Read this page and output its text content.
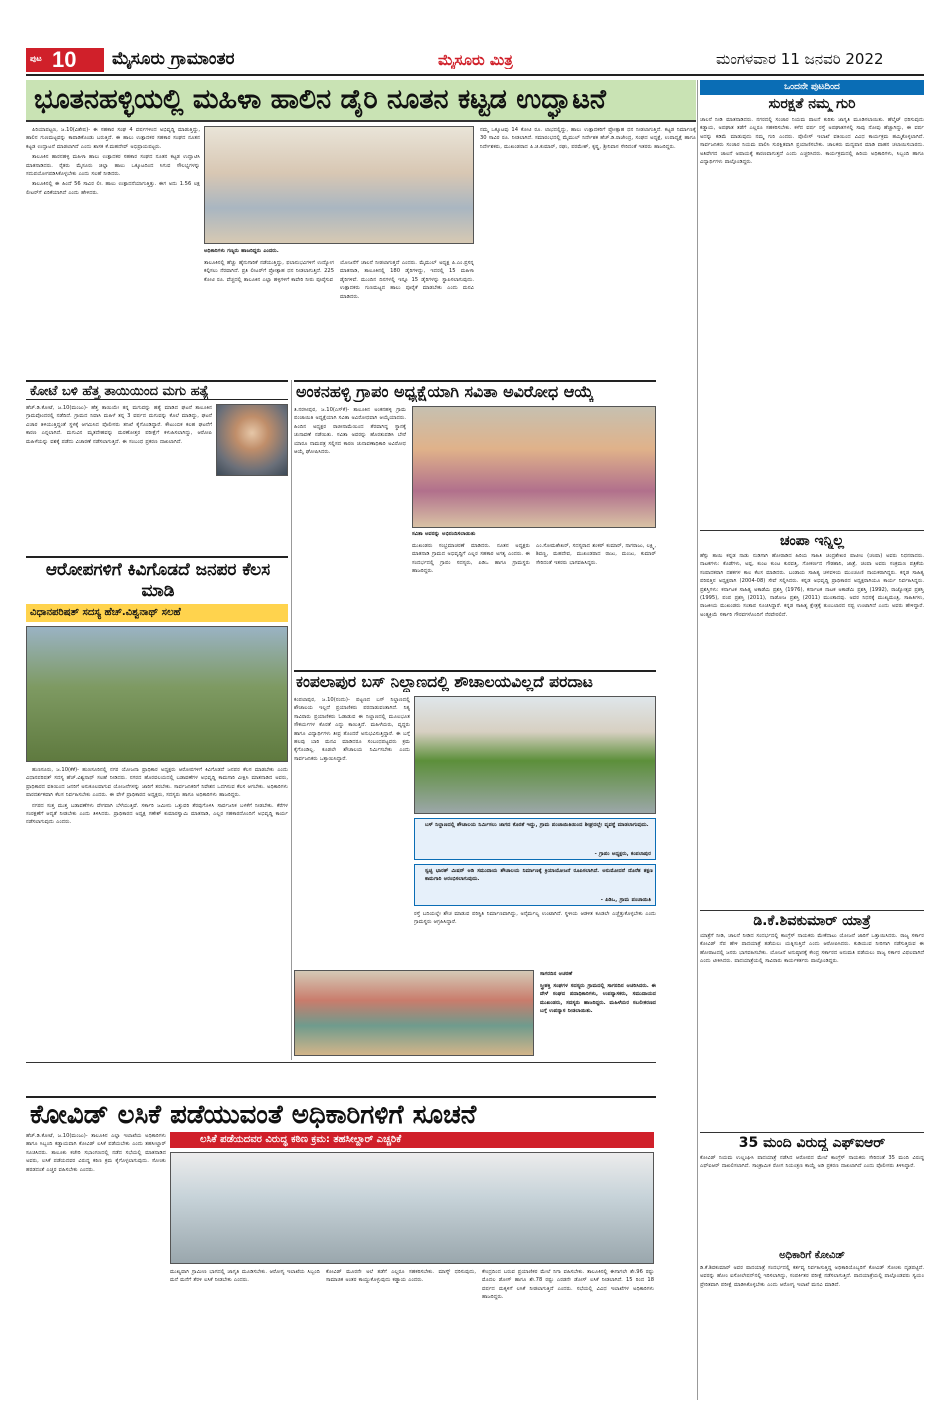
ಪುಟ 10 ಮೈಸೂರು ಗ್ರಾಮಾಂತರ	ಮೈಸೂರು ಮಿತ್ರ	ಮಂಗಳವಾರ 11 ಜನವರಿ 2022
ಭೂತನಹಳ್ಳಿಯಲ್ಲಿ ಮಹಿಳಾ ಹಾಲಿನ ಡೈರಿ ನೂತನ ಕಟ್ಟಡ ಉದ್ಘಾಟನೆ

ಪಿರಿಯಾಪಟ್ಟಣ, ಜ.10(ವಿಶೇಷ)- ಈ ಸಹಕಾರ ಸಂಘ 4 ವರ್ಷಗಳಿಂದ ಅಭಿವೃದ್ಧಿ ಮಾಡುತ್ತಿದ್ದು, ಹಾಲಿನ ಗುಣಮಟ್ಟವನ್ನು ಕಾಪಾಡಿಕೊಂಡು ಬರುತ್ತಿದೆ. ಈ ಹಾಲು ಉತ್ಪಾದಕರ ಸಹಕಾರ ಸಂಘದ ನೂತನ ಕಟ್ಟಡ ಉದ್ಘಾಟನೆ ಮಾಡಲಾಗಿದೆ ಎಂದು ಶಾಸಕ ಕೆ.ಮಹದೇವ್ ಅಭಿಪ್ರಾಯಪಟ್ಟರು.

ತಾಲೂಕಿನ ಹಾರನಹಳ್ಳಿ ಮಹಿಳಾ ಹಾಲು ಉತ್ಪಾದಕರ ಸಹಕಾರ ಸಂಘದ ನೂತನ ಕಟ್ಟಡ ಉದ್ಘಾಟಿಸಿ ಮಾತನಾಡಿದರು. ರೈತರು ಮೈಸೂರು ಜಿಲ್ಲಾ ಹಾಲು ಒಕ್ಕೂಟದಿಂದ ಸಿಗುವ ಸೌಲಭ್ಯಗಳನ್ನು ಸದುಪಯೋಗಪಡಿಸಿಕೊಳ್ಳಬೇಕು ಎಂದು ಸಲಹೆ ನೀಡಿದರು.

ತಾಲೂಕಿನಲ್ಲಿ ಈ ಹಿಂದೆ 56 ಸಾವಿರ ಲೀ. ಹಾಲು ಉತ್ಪಾದನೆಯಾಗುತ್ತಿತ್ತು. ಈಗ ಅದು 1.56 ಲಕ್ಷ ಲೀಟರ್‌ಗೆ ಏರಿಕೆಯಾಗಿದೆ ಎಂದು ಹೇಳಿದರು.

ಅಧಿಕಾರಿಗಳು ಗಣ್ಯರು ಹಾಜರಿದ್ದರು ಎಂದರು.
ತಾಲೂಕಿನಲ್ಲಿ ಹೆಚ್ಚು ಹೈನುಗಾರಿಕೆ ನಡೆಯುತ್ತಿದ್ದು, ಫಲಾನುಭವಿಗಳಿಗೆ ಉದ್ಯೋಗ ಕಲ್ಪಿಸಲು ನೆರವಾಗಿದೆ. ಪ್ರತಿ ಲೀಟರ್‌ಗೆ ಪ್ರೋತ್ಸಾಹ ಧನ ನೀಡಲಾಗುತ್ತಿದೆ. 225 ಕೋಟಿ ರೂ. ವೆಚ್ಚದಲ್ಲಿ ತಾಲೂಕಿನ ಎಲ್ಲಾ ಹಳ್ಳಿಗಳಿಗೆ ಕಾವೇರಿ ನೀರು ಪೂರೈಸುವ
ಯೋಜನೆಗೆ ಚಾಲನೆ ನೀಡಲಾಗುತ್ತದೆ ಎಂದರು. ಮೈಮುಲ್ ಅಧ್ಯಕ್ಷ ಪಿ.ಎಂ.ಪ್ರಸನ್ನ ಮಾತನಾಡಿ, ತಾಲೂಕಿನಲ್ಲಿ 180 ಡೈರಿಗಳಿದ್ದು, ಇದರಲ್ಲಿ 15 ಮಹಿಳಾ ಡೈರಿಗಳಿವೆ. ಮುಂದಿನ ದಿನಗಳಲ್ಲಿ ಇನ್ನೂ 15 ಡೈರಿಗಳನ್ನು ಸ್ಥಾಪಿಸಲಾಗುವುದು. ಉತ್ಪಾದಕರು ಗುಣಮಟ್ಟದ ಹಾಲು ಪೂರೈಕೆ ಮಾಡಬೇಕು ಎಂದು ಮನವಿ ಮಾಡಿದರು.
ನಮ್ಮ ಒಕ್ಕೂಟವು 14 ಕೋಟಿ ರೂ. ಲಾಭದಲ್ಲಿದ್ದು, ಹಾಲು ಉತ್ಪಾದಕರಿಗೆ ಪ್ರೋತ್ಸಾಹ ಧನ ನೀಡಲಾಗುತ್ತಿದೆ. ಕಟ್ಟಡ ನಿರ್ಮಾಣಕ್ಕೆ 30 ಸಾವಿರ ರೂ. ನೀಡಲಾಗಿದೆ. ಸಮಾರಂಭದಲ್ಲಿ ಮೈಮುಲ್ ನಿರ್ದೇಶಕ ಹೆಚ್.ಡಿ.ರಾಜೇಂದ್ರ, ಸಂಘದ ಅಧ್ಯಕ್ಷೆ, ಉಪಾಧ್ಯಕ್ಷೆ ಹಾಗೂ ನಿರ್ದೇಶಕರು, ಮುಖಂಡರಾದ ಪಿ.ಜಿ.ಕುಮಾರ್, ರಘು, ಪರಮೇಶ್, ಕೃಷ್ಣ, ಶ್ರೀನಿವಾಸ ಸೇರಿದಂತೆ ಇತರರು ಹಾಜರಿದ್ದರು.
ಕೋಟೆ ಬಳಿ ಹೆತ್ತ ತಾಯಿಯಿಂದ ಮಗು ಹತ್ಯೆ
ಹೆಚ್.ಡಿ.ಕೋಟೆ, ಜ.10(ಮಂಜು)- ಹೆತ್ತ ತಾಯಿಯೇ ತನ್ನ ಮಗುವನ್ನು ಹತ್ಯೆ ಮಾಡಿದ ಘಟನೆ ತಾಲೂಕಿನ ಗ್ರಾಮವೊಂದರಲ್ಲಿ ನಡೆದಿದೆ. ಗ್ರಾಮದ ನಿವಾಸಿ ಮಹಿಳೆ ತನ್ನ 3 ವರ್ಷದ ಮಗುವನ್ನು ಕೊಲೆ ಮಾಡಿದ್ದು, ಘಟನೆ ವಿಚಾರ ತಿಳಿಯುತ್ತಿದ್ದಂತೆ ಸ್ಥಳಕ್ಕೆ ಆಗಮಿಸಿದ ಪೊಲೀಸರು ತನಿಖೆ ಕೈಗೊಂಡಿದ್ದಾರೆ. ಕೌಟುಂಬಿಕ ಕಲಹ ಘಟನೆಗೆ ಕಾರಣ ಎನ್ನಲಾಗಿದೆ. ಮಗುವಿನ ಮೃತದೇಹವನ್ನು ಮರಣೋತ್ತರ ಪರೀಕ್ಷೆಗೆ ಕಳುಹಿಸಲಾಗಿದ್ದು, ಆರೋಪಿ ಮಹಿಳೆಯನ್ನು ವಶಕ್ಕೆ ಪಡೆದು ವಿಚಾರಣೆ ನಡೆಸಲಾಗುತ್ತಿದೆ. ಈ ಸಂಬಂಧ ಪ್ರಕರಣ ದಾಖಲಾಗಿದೆ.
ಅಂಕನಹಳ್ಳಿ ಗ್ರಾಪಂ ಅಧ್ಯಕ್ಷೆಯಾಗಿ ಸವಿತಾ ಅವಿರೋಧ ಆಯ್ಕೆ
ತಿ.ನರಸೀಪುರ, ಜ.10(ಎಸ್‌ಕೆ)- ತಾಲೂಕಿನ ಅಂಕನಹಳ್ಳಿ ಗ್ರಾಮ ಪಂಚಾಯಿತಿ ಅಧ್ಯಕ್ಷೆಯಾಗಿ ಸವಿತಾ ಅವಿರೋಧವಾಗಿ ಆಯ್ಕೆಯಾದರು. ಹಿಂದಿನ ಅಧ್ಯಕ್ಷರ ರಾಜೀನಾಮೆಯಿಂದ ತೆರವಾಗಿದ್ದ ಸ್ಥಾನಕ್ಕೆ ಚುನಾವಣೆ ನಡೆಯಿತು. ಸವಿತಾ ಅವರನ್ನು ಹೊರತುಪಡಿಸಿ ಬೇರೆ ಯಾರೂ ನಾಮಪತ್ರ ಸಲ್ಲಿಸದ ಕಾರಣ ಚುನಾವಣಾಧಿಕಾರಿ ಅವಿರೋಧ ಆಯ್ಕೆ ಘೋಷಿಸಿದರು.
ಸವಿತಾ ಅವರನ್ನು ಅಭಿನಂದಿಸಲಾಯಿತು
ಮುಖಂಡರು ಸಂಭ್ರಮಾಚರಣೆ ಮಾಡಿದರು. ನೂತನ ಅಧ್ಯಕ್ಷರು ಮಾತನಾಡಿ ಗ್ರಾಮದ ಅಭಿವೃದ್ಧಿಗೆ ಎಲ್ಲರ ಸಹಕಾರ ಅಗತ್ಯ ಎಂದರು. ಈ ಸಂದರ್ಭದಲ್ಲಿ ಗ್ರಾಪಂ ಸದಸ್ಯರು, ಪಿಡಿಒ ಹಾಗೂ ಗ್ರಾಮಸ್ಥರು ಹಾಜರಿದ್ದರು.
ಎಂ.ಸೋಮಶೇಖರ್, ಸದಸ್ಯರಾದ ಶಂಕರ್ ಕುಮಾರ್, ನಾಗರಾಜು, ಲಕ್ಷ್ಮಿ, ಶಿವಣ್ಣ, ಮಹದೇವ, ಮುಖಂಡರಾದ ರಾಜು, ಮಂಜು, ಕುಮಾರ್ ಸೇರಿದಂತೆ ಇತರರು ಭಾಗವಹಿಸಿದ್ದರು.
ಆರೋಪಗಳಿಗೆ ಕಿವಿಗೊಡದೆ ಜನಪರ ಕೆಲಸ ಮಾಡಿ
ವಿಧಾನಪರಿಷತ್ ಸದಸ್ಯ ಹೆಚ್.ವಿಶ್ವನಾಥ್ ಸಲಹೆ

ಹುಣಸೂರು, ಜ.10(ಕೆಕೆ)- ಹುಣಸೂರಿನಲ್ಲಿ ನಗರ ಯೋಜನಾ ಪ್ರಾಧಿಕಾರ ಅಧ್ಯಕ್ಷರು ಆರೋಪಗಳಿಗೆ ಕಿವಿಗೊಡದೆ ಜನಪರ ಕೆಲಸ ಮಾಡಬೇಕು ಎಂದು ವಿಧಾನಪರಿಷತ್ ಸದಸ್ಯ ಹೆಚ್.ವಿಶ್ವನಾಥ್ ಸಲಹೆ ನೀಡಿದರು. ನಗರದ ಹೊರವಲಯದಲ್ಲಿ ಬಡಾವಣೆಗಳ ಅಭಿವೃದ್ಧಿ ಕಾಮಗಾರಿ ವೀಕ್ಷಿಸಿ ಮಾತನಾಡಿದ ಅವರು, ಪ್ರಾಧಿಕಾರದ ವತಿಯಿಂದ ಜನರಿಗೆ ಅನುಕೂಲವಾಗುವ ಯೋಜನೆಗಳನ್ನು ಜಾರಿಗೆ ತರಬೇಕು. ಸಾರ್ವಜನಿಕರಿಗೆ ನಿವೇಶನ ಒದಗಿಸುವ ಕೆಲಸ ಆಗಬೇಕು. ಅಧಿಕಾರಿಗಳು ಪಾರದರ್ಶಕವಾಗಿ ಕೆಲಸ ನಿರ್ವಹಿಸಬೇಕು ಎಂದರು. ಈ ವೇಳೆ ಪ್ರಾಧಿಕಾರದ ಅಧ್ಯಕ್ಷರು, ಸದಸ್ಯರು ಹಾಗೂ ಅಧಿಕಾರಿಗಳು ಹಾಜರಿದ್ದರು.

ನಗರದ ಸುತ್ತ ಮುತ್ತ ಬಡಾವಣೆಗಳು ವೇಗವಾಗಿ ಬೆಳೆಯುತ್ತಿವೆ. ಸರ್ಕಾರಿ ಜಮೀನು ಒತ್ತುವರಿ ತೆರವುಗೊಳಿಸಿ ಸಾರ್ವಜನಿಕ ಬಳಕೆಗೆ ನೀಡಬೇಕು. ಕೆರೆಗಳ ಸಂರಕ್ಷಣೆಗೆ ಆದ್ಯತೆ ನೀಡಬೇಕು ಎಂದು ತಿಳಿಸಿದರು. ಪ್ರಾಧಿಕಾರದ ಅಧ್ಯಕ್ಷ ಗಣೇಶ್ ಕುಮಾರಸ್ವಾಮಿ ಮಾತನಾಡಿ, ಎಲ್ಲರ ಸಹಕಾರದೊಂದಿಗೆ ಅಭಿವೃದ್ಧಿ ಕಾರ್ಯ ನಡೆಸಲಾಗುವುದು ಎಂದರು.

ಕಂಪಲಾಪುರ ಬಸ್ ನಿಲ್ದಾಣದಲ್ಲಿ ಶೌಚಾಲಯವಿಲ್ಲದೆ ಪರದಾಟ
ಕಂಪಲಾಪುರ, ಜ.10(ನಂದು)- ಪಟ್ಟಣದ ಬಸ್ ನಿಲ್ದಾಣದಲ್ಲಿ ಶೌಚಾಲಯ ಇಲ್ಲದೆ ಪ್ರಯಾಣಿಕರು ಪರದಾಡುವಂತಾಗಿದೆ. ನಿತ್ಯ ಸಾವಿರಾರು ಪ್ರಯಾಣಿಕರು ಓಡಾಡುವ ಈ ನಿಲ್ದಾಣದಲ್ಲಿ ಮೂಲಭೂತ ಸೌಕರ್ಯಗಳ ಕೊರತೆ ಎದ್ದು ಕಾಣುತ್ತಿದೆ. ಮಹಿಳೆಯರು, ವೃದ್ಧರು ಹಾಗೂ ವಿದ್ಯಾರ್ಥಿಗಳು ತೀವ್ರ ತೊಂದರೆ ಅನುಭವಿಸುತ್ತಿದ್ದಾರೆ. ಈ ಬಗ್ಗೆ ಹಲವು ಬಾರಿ ಮನವಿ ಮಾಡಿದರೂ ಸಂಬಂಧಪಟ್ಟವರು ಕ್ರಮ ಕೈಗೊಂಡಿಲ್ಲ. ಕೂಡಲೇ ಶೌಚಾಲಯ ನಿರ್ಮಿಸಬೇಕು ಎಂದು ಸಾರ್ವಜನಿಕರು ಒತ್ತಾಯಿಸಿದ್ದಾರೆ.
ಬಸ್ ನಿಲ್ದಾಣದಲ್ಲಿ ಶೌಚಾಲಯ ನಿರ್ಮಿಸಲು ಜಾಗದ ಕೊರತೆ ಇದ್ದು, ಗ್ರಾಮ ಪಂಚಾಯಿತಿಯಿಂದ ಶೀಘ್ರದಲ್ಲೇ ವ್ಯವಸ್ಥೆ ಮಾಡಲಾಗುವುದು.
- ಗ್ರಾಪಂ ಅಧ್ಯಕ್ಷರು, ಕಂಪಲಾಪುರ
ಸ್ವಚ್ಛ ಭಾರತ್ ಮಿಷನ್ ಅಡಿ ಸಮುದಾಯ ಶೌಚಾಲಯ ನಿರ್ಮಾಣಕ್ಕೆ ಕ್ರಿಯಾಯೋಜನೆ ರೂಪಿಸಲಾಗಿದೆ. ಅನುಮೋದನೆ ದೊರೆತ ತಕ್ಷಣ ಕಾಮಗಾರಿ ಆರಂಭಿಸಲಾಗುವುದು.
- ಪಿಡಿಒ, ಗ್ರಾಮ ಪಂಚಾಯಿತಿ
ರಸ್ತೆ ಬದಿಯಲ್ಲೇ ಶೌಚ ಮಾಡುವ ಪರಿಸ್ಥಿತಿ ನಿರ್ಮಾಣವಾಗಿದ್ದು, ಅನೈರ್ಮಲ್ಯ ಉಂಟಾಗಿದೆ. ಸ್ಥಳೀಯ ಆಡಳಿತ ಕೂಡಲೇ ಎಚ್ಚೆತ್ತುಕೊಳ್ಳಬೇಕು ಎಂದು ಗ್ರಾಮಸ್ಥರು ಆಗ್ರಹಿಸಿದ್ದಾರೆ.
ಸಾಗರದಿನ ಆಚರಣೆ
ಸ್ತ್ರೀಶಕ್ತಿ ಸಂಘಗಳ ಸದಸ್ಯರು ಗ್ರಾಮದಲ್ಲಿ ಸಾಗರದಿನ ಆಚರಿಸಿದರು. ಈ ವೇಳೆ ಸಂಘದ ಪದಾಧಿಕಾರಿಗಳು, ಉಪನ್ಯಾಸಕರು, ಸಮುದಾಯದ ಮುಖಂಡರು, ಸದಸ್ಯರು ಹಾಜರಿದ್ದರು. ಮಹಿಳೆಯರ ಸಬಲೀಕರಣದ ಬಗ್ಗೆ ಉಪನ್ಯಾಸ ನೀಡಲಾಯಿತು.
ಕೋವಿಡ್ ಲಸಿಕೆ ಪಡೆಯುವಂತೆ ಅಧಿಕಾರಿಗಳಿಗೆ ಸೂಚನೆ
ಲಸಿಕೆ ಪಡೆಯದವರ ವಿರುದ್ಧ ಕಠಿಣ ಕ್ರಮ: ತಹಸೀಲ್ದಾರ್ ಎಚ್ಚರಿಕೆ
ಹೆಚ್.ಡಿ.ಕೋಟೆ, ಜ.10(ಮಂಜು)- ತಾಲೂಕಿನ ಎಲ್ಲಾ ಇಲಾಖೆಯ ಅಧಿಕಾರಿಗಳು ಹಾಗೂ ಸಿಬ್ಬಂದಿ ಕಡ್ಡಾಯವಾಗಿ ಕೋವಿಡ್ ಲಸಿಕೆ ಪಡೆಯಬೇಕು ಎಂದು ತಹಸೀಲ್ದಾರ್ ಸೂಚಿಸಿದರು. ತಾಲೂಕು ಕಚೇರಿ ಸಭಾಂಗಣದಲ್ಲಿ ನಡೆದ ಸಭೆಯಲ್ಲಿ ಮಾತನಾಡಿದ ಅವರು, ಲಸಿಕೆ ಪಡೆಯದವರ ವಿರುದ್ಧ ಕಠಿಣ ಕ್ರಮ ಕೈಗೊಳ್ಳಲಾಗುವುದು. ಸೋಂಕು ಹರಡದಂತೆ ಎಚ್ಚರ ವಹಿಸಬೇಕು ಎಂದರು.
ಮುಖ್ಯವಾಗಿ ಗ್ರಾಮೀಣ ಭಾಗದಲ್ಲಿ ಜಾಗೃತಿ ಮೂಡಿಸಬೇಕು. ಆರೋಗ್ಯ ಇಲಾಖೆಯ ಸಿಬ್ಬಂದಿ ಮನೆ ಮನೆಗೆ ತೆರಳಿ ಲಸಿಕೆ ನೀಡಬೇಕು ಎಂದರು.
ಕೋವಿಡ್ ಮೂರನೇ ಅಲೆ ತಡೆಗೆ ಎಲ್ಲರೂ ಸಹಕರಿಸಬೇಕು. ಮಾಸ್ಕ್ ಧರಿಸುವುದು, ಸಾಮಾಜಿಕ ಅಂತರ ಕಾಯ್ದುಕೊಳ್ಳುವುದು ಕಡ್ಡಾಯ ಎಂದರು.
ಕೇಂದ್ರದಿಂದ ಬರುವ ಪ್ರಯಾಣಿಕರ ಮೇಲೆ ನಿಗಾ ವಹಿಸಬೇಕು. ತಾಲೂಕಿನಲ್ಲಿ ಈಗಾಗಲೇ ಶೇ.96 ರಷ್ಟು ಮೊದಲ ಡೋಸ್ ಹಾಗೂ ಶೇ.78 ರಷ್ಟು ಎರಡನೇ ಡೋಸ್ ಲಸಿಕೆ ನೀಡಲಾಗಿದೆ. 15 ರಿಂದ 18 ವರ್ಷದ ಮಕ್ಕಳಿಗೆ ಲಸಿಕೆ ನೀಡಲಾಗುತ್ತಿದೆ ಎಂದರು. ಸಭೆಯಲ್ಲಿ ವಿವಿಧ ಇಲಾಖೆಗಳ ಅಧಿಕಾರಿಗಳು ಹಾಜರಿದ್ದರು.
ಒಂದನೇ ಪುಟದಿಂದ
ಸುರಕ್ಷತೆ ನಮ್ಮ ಗುರಿ
ಚಾಲನೆ ನೀಡಿ ಮಾತನಾಡಿದರು. ನಗರದಲ್ಲಿ ಸಂಚಾರ ನಿಯಮ ಪಾಲನೆ ಕುರಿತು ಜಾಗೃತಿ ಮೂಡಿಸಲಾಯಿತು. ಹೆಲ್ಮೆಟ್ ಧರಿಸುವುದು ಕಡ್ಡಾಯ, ಅಪಘಾತ ತಡೆಗೆ ಎಲ್ಲರೂ ಸಹಕರಿಸಬೇಕು. ಕಳೆದ ವರ್ಷ ರಸ್ತೆ ಅಪಘಾತಗಳಲ್ಲಿ ಸಾವು ನೋವು ಹೆಚ್ಚಾಗಿದ್ದು, ಈ ವರ್ಷ ಅದನ್ನು ಕಡಿಮೆ ಮಾಡುವುದು ನಮ್ಮ ಗುರಿ ಎಂದರು. ಪೊಲೀಸ್ ಇಲಾಖೆ ವತಿಯಿಂದ ವಿವಿಧ ಕಾರ್ಯಕ್ರಮ ಹಮ್ಮಿಕೊಳ್ಳಲಾಗಿದೆ. ಸಾರ್ವಜನಿಕರು ಸಂಚಾರ ನಿಯಮ ಪಾಲಿಸಿ ಸುರಕ್ಷಿತವಾಗಿ ಪ್ರಯಾಣಿಸಬೇಕು. ಚಾಲಕರು ಮದ್ಯಪಾನ ಮಾಡಿ ವಾಹನ ಚಲಾಯಿಸಬಾರದು. ಅತಿವೇಗದ ಚಾಲನೆ ಅಪಾಯಕ್ಕೆ ಕಾರಣವಾಗುತ್ತದೆ ಎಂದು ಎಚ್ಚರಿಸಿದರು. ಕಾರ್ಯಕ್ರಮದಲ್ಲಿ ಹಿರಿಯ ಅಧಿಕಾರಿಗಳು, ಸಿಬ್ಬಂದಿ ಹಾಗೂ ವಿದ್ಯಾರ್ಥಿಗಳು ಪಾಲ್ಗೊಂಡಿದ್ದರು.
ಚಂಪಾ ಇನ್ನಿಲ್ಲ
ಹೆಸ್ಸು ತಾಯಿ ಕನ್ನಡ ನಾಡು ನುಡಿಗಾಗಿ ಹೋರಾಡಿದ ಹಿರಿಯ ಸಾಹಿತಿ ಚಂದ್ರಶೇಖರ ಪಾಟೀಲ (ಚಂಪಾ) ಅವರು ನಿಧನರಾದರು. ನಾಟಕಗಳು: ಕೊಡೆಗಳು, ಅಪ್ಪ, ಕುಂಟ ಕುಂಟ ಕುರವತ್ತಿ, ಗೋಕರ್ಣದ ಗೌಡಶಾನಿ, ಜಾತ್ರೆ, ಚಂಪಾ ಅವರು ಸಂಕ್ರಮಣ ಪತ್ರಿಕೆಯ ಸಂಪಾದಕರಾಗಿ ದಶಕಗಳ ಕಾಲ ಕೆಲಸ ಮಾಡಿದರು. ಬಂಡಾಯ ಸಾಹಿತ್ಯ ಚಳವಳಿಯ ಮುಂಚೂಣಿ ನಾಯಕರಾಗಿದ್ದರು. ಕನ್ನಡ ಸಾಹಿತ್ಯ ಪರಿಷತ್ತಿನ ಅಧ್ಯಕ್ಷರಾಗಿ (2004-08) ಸೇವೆ ಸಲ್ಲಿಸಿದರು. ಕನ್ನಡ ಅಭಿವೃದ್ಧಿ ಪ್ರಾಧಿಕಾರದ ಅಧ್ಯಕ್ಷರಾಗಿಯೂ ಕಾರ್ಯ ನಿರ್ವಹಿಸಿದ್ದರು. ಪ್ರಶಸ್ತಿಗಳು: ಕರ್ನಾಟಕ ಸಾಹಿತ್ಯ ಅಕಾಡೆಮಿ ಪ್ರಶಸ್ತಿ (1976), ಕರ್ನಾಟಕ ನಾಟಕ ಅಕಾಡೆಮಿ ಪ್ರಶಸ್ತಿ (1992), ರಾಜ್ಯೋತ್ಸವ ಪ್ರಶಸ್ತಿ (1995), ಪಂಪ ಪ್ರಶಸ್ತಿ (2011), ನಾಡೋಜ ಪ್ರಶಸ್ತಿ (2011) ಮುಂತಾದವು. ಅವರ ನಿಧನಕ್ಕೆ ಮುಖ್ಯಮಂತ್ರಿ, ಸಾಹಿತಿಗಳು, ರಾಜಕೀಯ ಮುಖಂಡರು ಸಂತಾಪ ಸೂಚಿಸಿದ್ದಾರೆ. ಕನ್ನಡ ಸಾಹಿತ್ಯ ಕ್ಷೇತ್ರಕ್ಕೆ ತುಂಬಲಾರದ ನಷ್ಟ ಉಂಟಾಗಿದೆ ಎಂದು ಅವರು ಹೇಳಿದ್ದಾರೆ. ಅಂತ್ಯಕ್ರಿಯೆ ಸರ್ಕಾರಿ ಗೌರವಗಳೊಂದಿಗೆ ನೆರವೇರಲಿದೆ.
ಡಿ.ಕೆ.ಶಿವಕುಮಾರ್ ಯಾತ್ರೆ
ಯಾತ್ರೆಗೆ ನೀಡಿ, ಚಾಲನೆ ನೀಡಿದ ಸಂದರ್ಭದಲ್ಲಿ ಕಾಂಗ್ರೆಸ್ ನಾಯಕರು ಮೇಕೆದಾಟು ಯೋಜನೆ ಜಾರಿಗೆ ಒತ್ತಾಯಿಸಿದರು. ರಾಜ್ಯ ಸರ್ಕಾರ ಕೋವಿಡ್ ನೆಪ ಹೇಳಿ ಪಾದಯಾತ್ರೆ ತಡೆಯಲು ಯತ್ನಿಸುತ್ತಿದೆ ಎಂದು ಆರೋಪಿಸಿದರು. ಕುಡಿಯುವ ನೀರಿಗಾಗಿ ನಡೆಸುತ್ತಿರುವ ಈ ಹೋರಾಟದಲ್ಲಿ ಜನರು ಭಾಗವಹಿಸಬೇಕು. ಯೋಜನೆ ಅನುಷ್ಠಾನಕ್ಕೆ ಕೇಂದ್ರ ಸರ್ಕಾರದ ಅನುಮತಿ ಪಡೆಯಲು ರಾಜ್ಯ ಸರ್ಕಾರ ವಿಫಲವಾಗಿದೆ ಎಂದು ಟೀಕಿಸಿದರು. ಪಾದಯಾತ್ರೆಯಲ್ಲಿ ಸಾವಿರಾರು ಕಾರ್ಯಕರ್ತರು ಪಾಲ್ಗೊಂಡಿದ್ದರು.
35 ಮಂದಿ ವಿರುದ್ಧ ಎಫ್‌ಐಆರ್
ಕೋವಿಡ್ ನಿಯಮ ಉಲ್ಲಂಘಿಸಿ ಪಾದಯಾತ್ರೆ ನಡೆಸಿದ ಆರೋಪದ ಮೇಲೆ ಕಾಂಗ್ರೆಸ್ ನಾಯಕರು ಸೇರಿದಂತೆ 35 ಮಂದಿ ವಿರುದ್ಧ ಎಫ್‌ಐಆರ್ ದಾಖಲಿಸಲಾಗಿದೆ. ಸಾಂಕ್ರಾಮಿಕ ರೋಗ ನಿಯಂತ್ರಣ ಕಾಯ್ದೆ ಅಡಿ ಪ್ರಕರಣ ದಾಖಲಾಗಿದೆ ಎಂದು ಪೊಲೀಸರು ತಿಳಿಸಿದ್ದಾರೆ.
ಅಧಿಕಾರಿಗೆ ಕೋವಿಡ್
ಡಿ.ಕೆ.ಶಿವಕುಮಾರ್ ಅವರ ಪಾದಯಾತ್ರೆ ಸಂದರ್ಭದಲ್ಲಿ ಕರ್ತವ್ಯ ನಿರ್ವಹಿಸುತ್ತಿದ್ದ ಅಧಿಕಾರಿಯೊಬ್ಬರಿಗೆ ಕೋವಿಡ್ ಸೋಂಕು ದೃಢಪಟ್ಟಿದೆ. ಅವರನ್ನು ಹೋಂ ಐಸೋಲೇಷನ್‌ನಲ್ಲಿ ಇರಿಸಲಾಗಿದ್ದು, ಸಂಪರ್ಕಿತರ ಪರೀಕ್ಷೆ ನಡೆಸಲಾಗುತ್ತಿದೆ. ಪಾದಯಾತ್ರೆಯಲ್ಲಿ ಪಾಲ್ಗೊಂಡವರು ಸ್ವಯಂ ಪ್ರೇರಿತವಾಗಿ ಪರೀಕ್ಷೆ ಮಾಡಿಸಿಕೊಳ್ಳಬೇಕು ಎಂದು ಆರೋಗ್ಯ ಇಲಾಖೆ ಮನವಿ ಮಾಡಿದೆ.
